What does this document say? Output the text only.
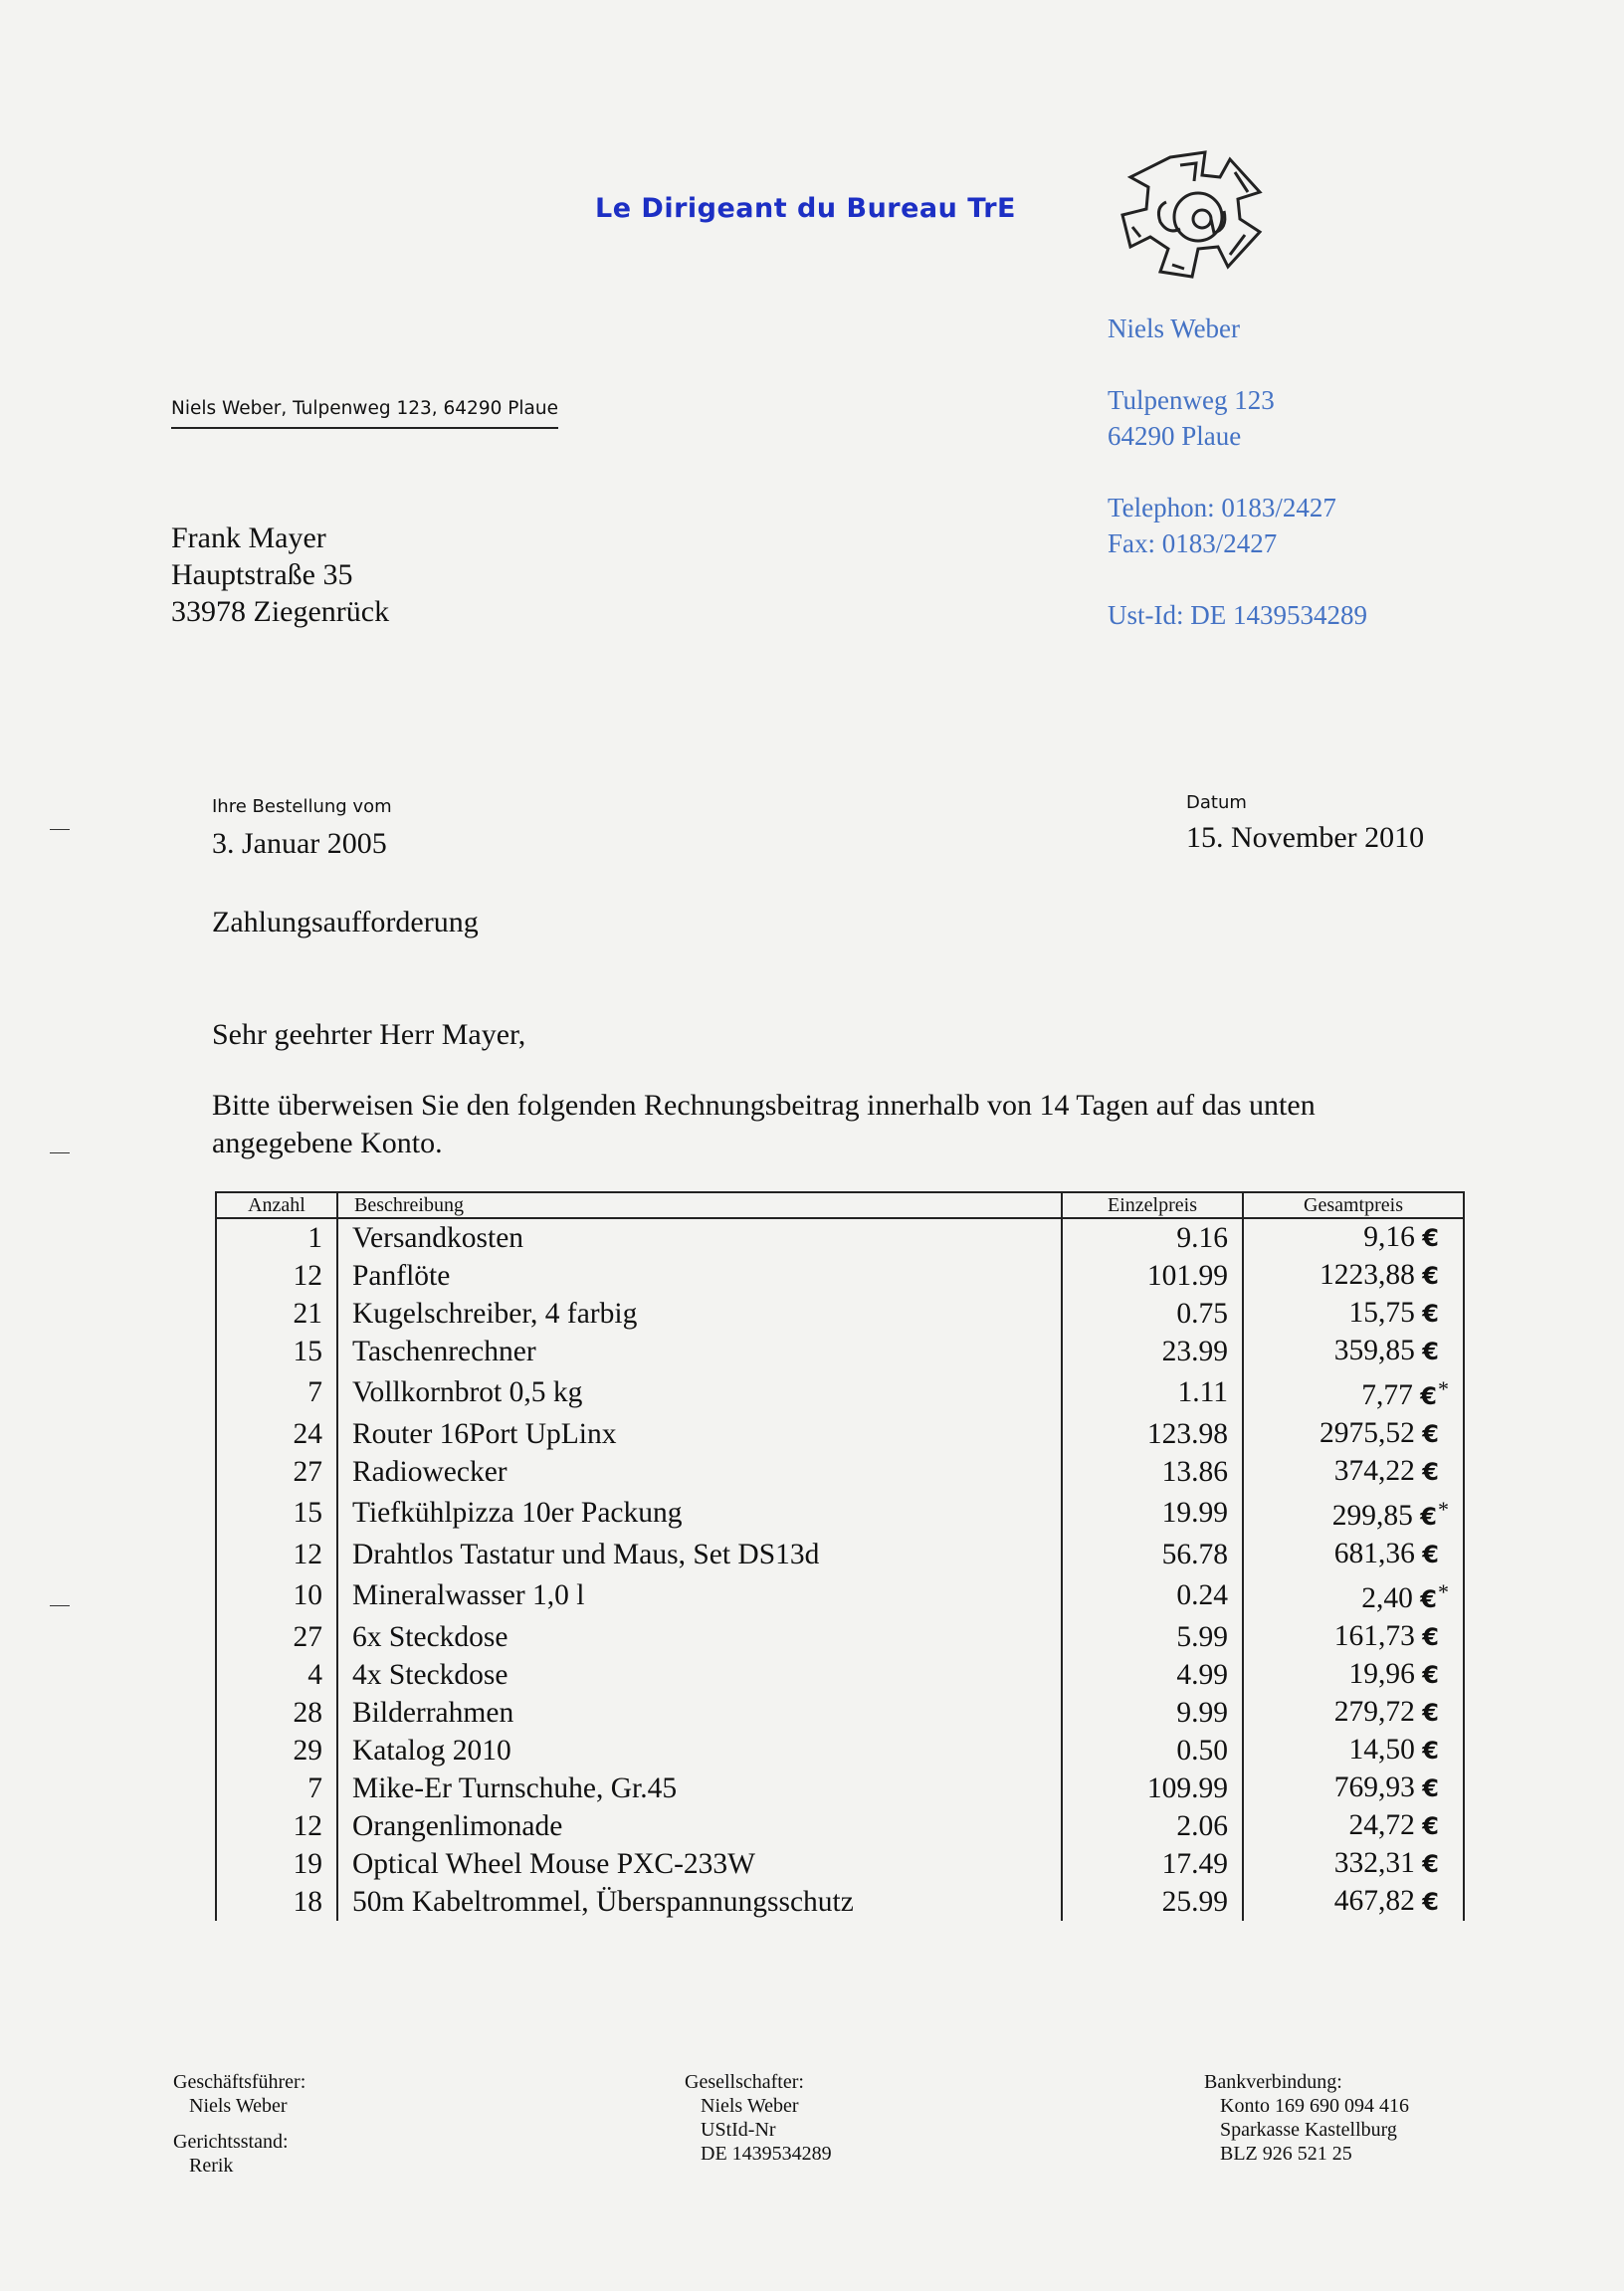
Le Dirigeant du Bureau TrE
Niels Weber
Tulpenweg 123
64290 Plaue
Telephon: 0183/2427
Fax: 0183/2427
Ust-Id: DE 1439534289
Niels Weber, Tulpenweg 123, 64290 Plaue
Frank Mayer
Hauptstraße 35
33978 Ziegenrück
Ihre Bestellung vom
3. Januar 2005
Datum
15. November 2010
Zahlungsaufforderung
Sehr geehrter Herr Mayer,
Bitte überweisen Sie den folgenden Rechnungsbeitrag innerhalb von 14 Tagen auf das unten angegebene Konto.
Anzahl	Beschreibung	Einzelpreis	Gesamtpreis
1	Versandkosten	9.16	9,16 €
12	Panflöte	101.99	1223,88 €
21	Kugelschreiber, 4 farbig	0.75	15,75 €
15	Taschenrechner	23.99	359,85 €
7	Vollkornbrot 0,5 kg	1.11	7,77 €*
24	Router 16Port UpLinx	123.98	2975,52 €
27	Radiowecker	13.86	374,22 €
15	Tiefkühlpizza 10er Packung	19.99	299,85 €*
12	Drahtlos Tastatur und Maus, Set DS13d	56.78	681,36 €
10	Mineralwasser 1,0 l	0.24	2,40 €*
27	6x Steckdose	5.99	161,73 €
4	4x Steckdose	4.99	19,96 €
28	Bilderrahmen	9.99	279,72 €
29	Katalog 2010	0.50	14,50 €
7	Mike-Er Turnschuhe, Gr.45	109.99	769,93 €
12	Orangenlimonade	2.06	24,72 €
19	Optical Wheel Mouse PXC-233W	17.49	332,31 €
18	50m Kabeltrommel, Überspannungsschutz	25.99	467,82 €
Geschäftsführer:
Niels Weber
Gerichtsstand:
Rerik
Gesellschafter:
Niels Weber
UStId-Nr
DE 1439534289
Bankverbindung:
Konto 169 690 094 416
Sparkasse Kastellburg
BLZ 926 521 25
